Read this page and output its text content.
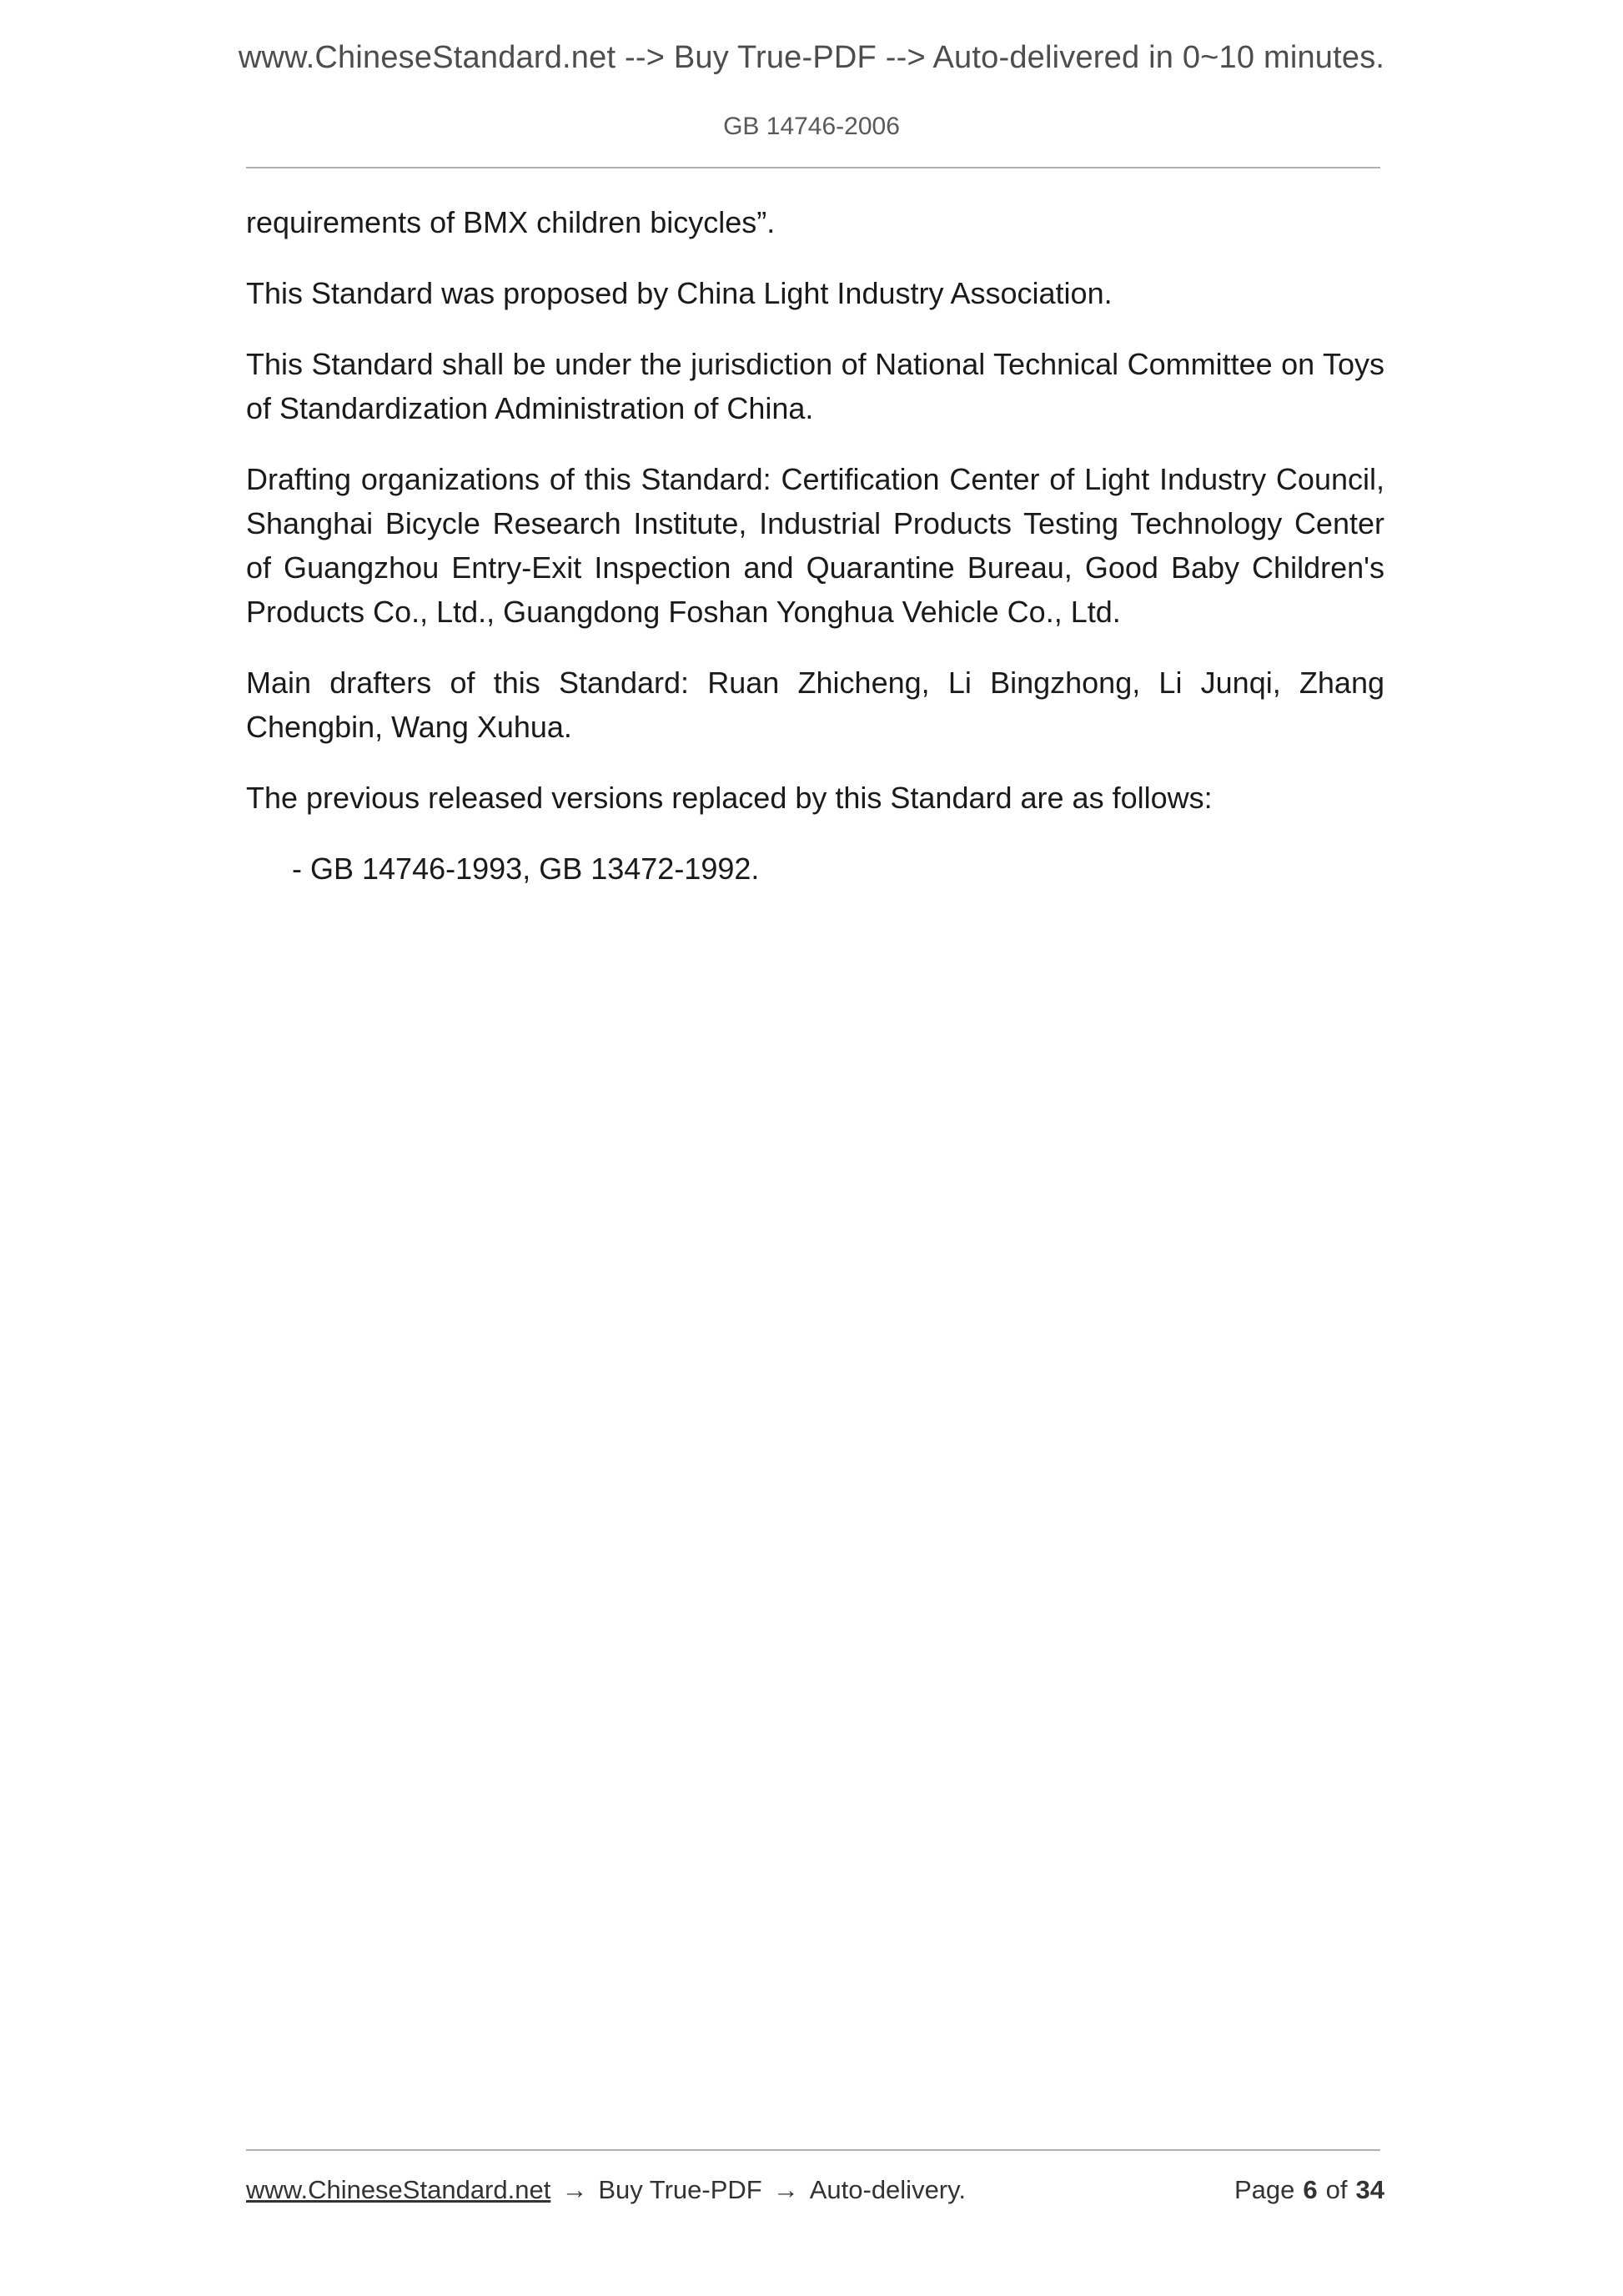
www.ChineseStandard.net --> Buy True-PDF --> Auto-delivered in 0~10 minutes.
GB 14746-2006

requirements of BMX children bicycles”.

This Standard was proposed by China Light Industry Association.

This Standard shall be under the jurisdiction of National Technical Committee on Toys of Standardization Administration of China.

Drafting organizations of this Standard: Certification Center of Light Industry Council, Shanghai Bicycle Research Institute, Industrial Products Testing Technology Center of Guangzhou Entry-Exit Inspection and Quarantine Bureau, Good Baby Children's Products Co., Ltd., Guangdong Foshan Yonghua Vehicle Co., Ltd.

Main drafters of this Standard: Ruan Zhicheng, Li Bingzhong, Li Junqi, Zhang Chengbin, Wang Xuhua.

The previous released versions replaced by this Standard are as follows:

- GB 14746-1993, GB 13472-1992.

www.ChineseStandard.net → Buy True-PDF → Auto-delivery.	Page 6 of 34
